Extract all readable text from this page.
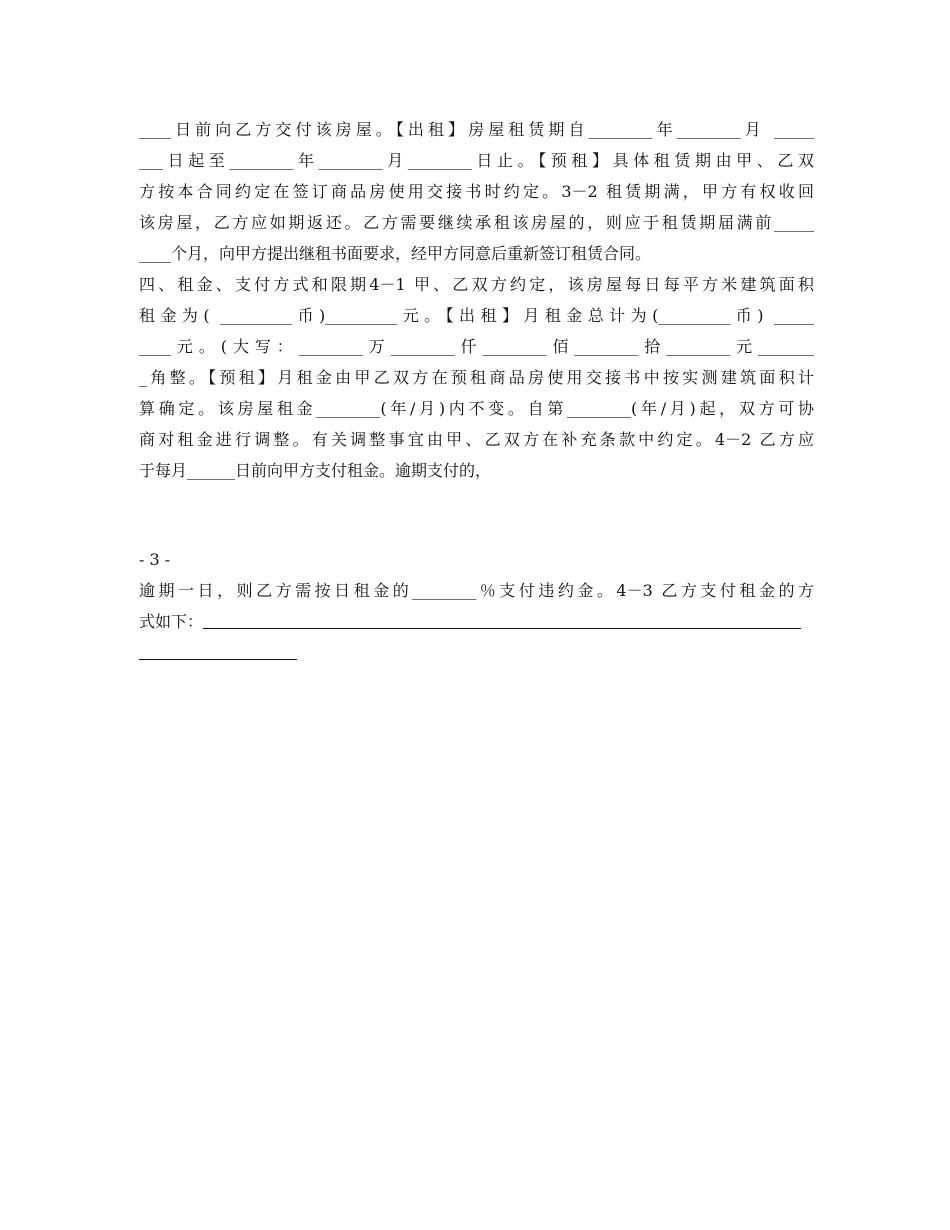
____日前向乙方交付该房屋。【出租】房屋租赁期自________年________月 _____
___日起至________年________月________日止。【预租】具体租赁期由甲、乙双
方按本合同约定在签订商品房使用交接书时约定。3－2 租赁期满，甲方有权收回
该房屋，乙方应如期返还。乙方需要继续承租该房屋的，则应于租赁期届满前_____
____个月，向甲方提出继租书面要求，经甲方同意后重新签订租赁合同。
四、租金、支付方式和限期4－1 甲、乙双方约定，该房屋每日每平方米建筑面积
租金为( _________币)_________元。【出租】月租金总计为(_________币) _____
____元。(大写：________万________仟________佰________拾________元_______
_角整。【预租】月租金由甲乙双方在预租商品房使用交接书中按实测建筑面积计
算确定。该房屋租金________(年/月)内不变。自第________(年/月)起，双方可协
商对租金进行调整。有关调整事宜由甲、乙双方在补充条款中约定。4－2 乙方应
于每月______日前向甲方支付租金。逾期支付的，
- 3 -
逾期一日，则乙方需按日租金的________％支付违约金。4－3 乙方支付租金的方
式如下：
